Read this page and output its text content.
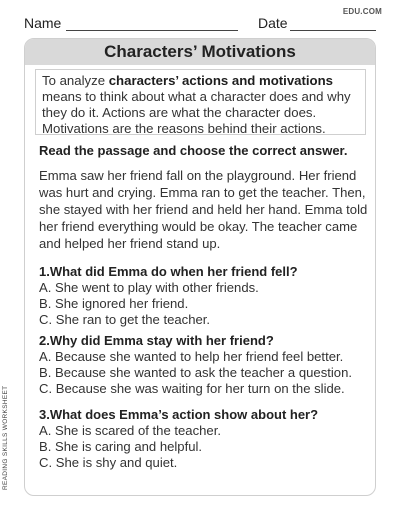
EDU.COM
Name	Date
READING SKILLS WORKSHEET
Characters’ Motivations
To analyze characters’ actions and motivations means to think about what a character does and why they do it. Actions are what the character does. Motivations are the reasons behind their actions.
Read the passage and choose the correct answer.
Emma saw her friend fall on the playground. Her friend was hurt and crying. Emma ran to get the teacher. Then, she stayed with her friend and held her hand. Emma told her friend everything would be okay. The teacher came and helped her friend stand up.
1.What did Emma do when her friend fell?
A. She went to play with other friends.
B. She ignored her friend.
C. She ran to get the teacher.
2.Why did Emma stay with her friend?
A. Because she wanted to help her friend feel better.
B. Because she wanted to ask the teacher a question.
C. Because she was waiting for her turn on the slide.
3.What does Emma’s action show about her?
A. She is scared of the teacher.
B. She is caring and helpful.
C. She is shy and quiet.
